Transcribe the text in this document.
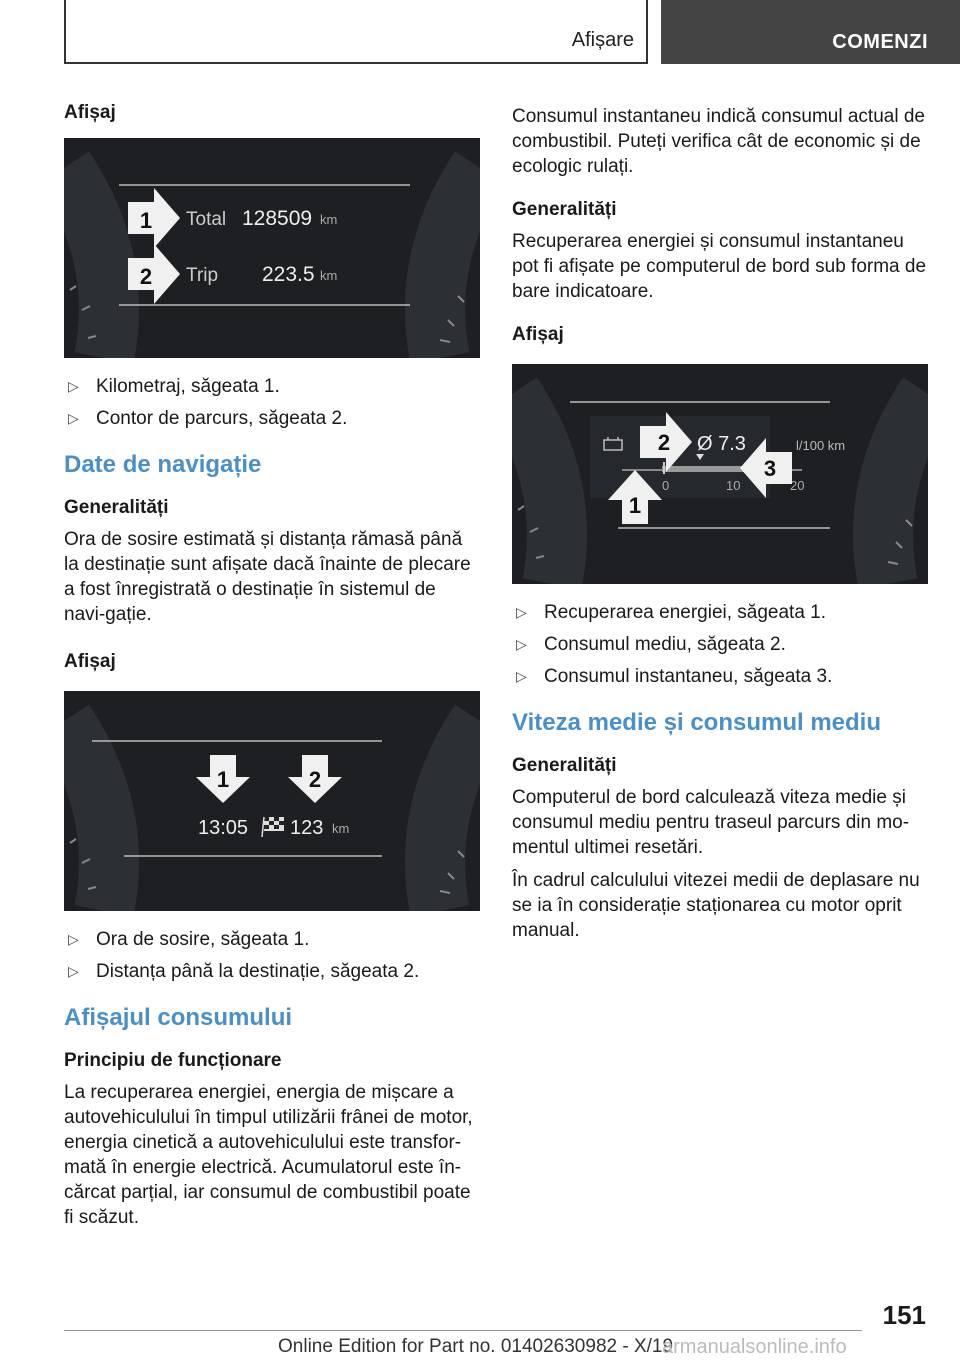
Afișare	COMENZI
Afișaj
1
2
Total 128509 km
Trip 223.5 km
▷ Kilometraj, săgeata 1.
▷ Contor de parcurs, săgeata 2.
Date de navigație
Generalități

Ora de sosire estimată și distanța rămasă până la destinație sunt afișate dacă înainte de plecare a fost înregistrată o destinație în sistemul de navi-gație.

Afișaj
1	2
13:05 123 km
▷ Ora de sosire, săgeata 1.
▷ Distanța până la destinație, săgeata 2.
Afișajul consumului
Principiu de funcționare

La recuperarea energiei, energia de mișcare a autovehiculului în timpul utilizării frânei de motor, energia cinetică a autovehiculului este transfor-mată în energie electrică. Acumulatorul este în-cărcat parțial, iar consumul de combustibil poate fi scăzut.

Consumul instantaneu indică consumul actual de combustibil. Puteți verifica cât de economic și de ecologic rulați.

Generalități

Recuperarea energiei și consumul instantaneu pot fi afișate pe computerul de bord sub forma de bare indicatoare.

Afișaj
Ø 7.3	l/100 km
0	10	20
1
2
3
▷ Recuperarea energiei, săgeata 1.
▷ Consumul mediu, săgeata 2.
▷ Consumul instantaneu, săgeata 3.
Viteza medie și consumul mediu
Generalități

Computerul de bord calculează viteza medie și consumul mediu pentru traseul parcurs din mo-mentul ultimei resetări.

În cadrul calculului vitezei medii de deplasare nu se ia în considerație staționarea cu motor oprit manual.

151
Online Edition for Part no. 01402630982 - X/19
armanualsonline.info
